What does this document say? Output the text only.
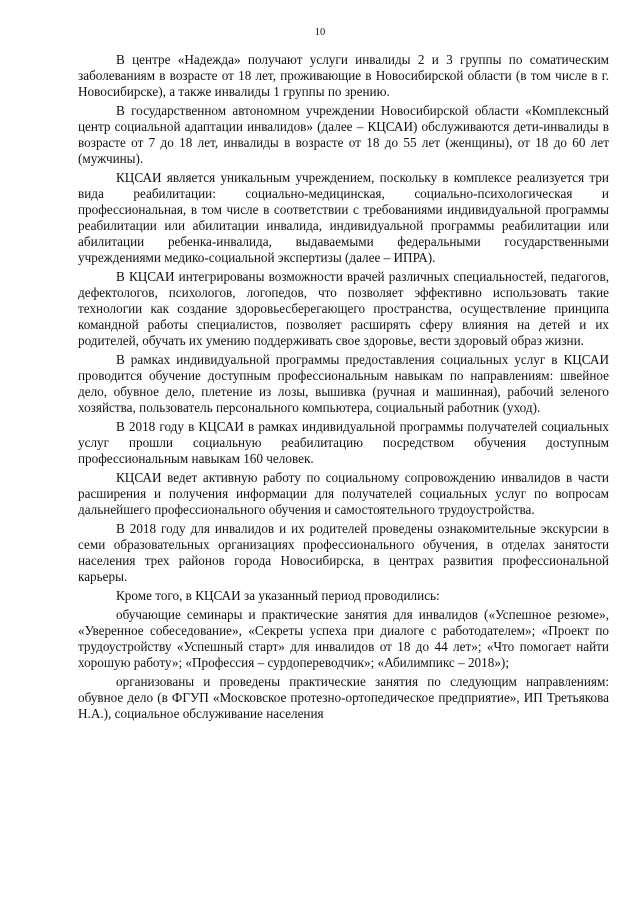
10

В центре «Надежда» получают услуги инвалиды 2 и 3 группы по соматическим заболеваниям в возрасте от 18 лет, проживающие в Новосибирской области (в том числе в г. Новосибирске), а также инвалиды 1 группы по зрению.

В государственном автономном учреждении Новосибирской области «Комплексный центр социальной адаптации инвалидов» (далее – КЦСАИ) обслуживаются дети-инвалиды в возрасте от 7 до 18 лет, инвалиды в возрасте от 18 до 55 лет (женщины), от 18 до 60 лет (мужчины).

КЦСАИ является уникальным учреждением, поскольку в комплексе реализуется три вида реабилитации: социально-медицинская, социально-психологическая и профессиональная, в том числе в соответствии с требованиями индивидуальной программы реабилитации или абилитации инвалида, индивидуальной программы реабилитации или абилитации ребенка-инвалида, выдаваемыми федеральными государственными учреждениями медико-социальной экспертизы (далее – ИПРА).

В КЦСАИ интегрированы возможности врачей различных специальностей, педагогов, дефектологов, психологов, логопедов, что позволяет эффективно использовать такие технологии как создание здоровьесберегающего пространства, осуществление принципа командной работы специалистов, позволяет расширять сферу влияния на детей и их родителей, обучать их умению поддерживать свое здоровье, вести здоровый образ жизни.

В рамках индивидуальной программы предоставления социальных услуг в КЦСАИ проводится обучение доступным профессиональным навыкам по направлениям: швейное дело, обувное дело, плетение из лозы, вышивка (ручная и машинная), рабочий зеленого хозяйства, пользователь персонального компьютера, социальный работник (уход).

В 2018 году в КЦСАИ в рамках индивидуальной программы получателей социальных услуг прошли социальную реабилитацию посредством обучения доступным профессиональным навыкам 160 человек.

КЦСАИ ведет активную работу по социальному сопровождению инвалидов в части расширения и получения информации для получателей социальных услуг по вопросам дальнейшего профессионального обучения и самостоятельного трудоустройства.

В 2018 году для инвалидов и их родителей проведены ознакомительные экскурсии в семи образовательных организациях профессионального обучения, в отделах занятости населения трех районов города Новосибирска, в центрах развития профессиональной карьеры.

Кроме того, в КЦСАИ за указанный период проводились:

обучающие семинары и практические занятия для инвалидов («Успешное резюме», «Уверенное собеседование», «Секреты успеха при диалоге с работодателем»; «Проект по трудоустройству «Успешный старт» для инвалидов от 18 до 44 лет»; «Что помогает найти хорошую работу»; «Профессия – сурдопереводчик»; «Абилимпикс – 2018»);

организованы и проведены практические занятия по следующим направлениям: обувное дело (в ФГУП «Московское протезно-ортопедическое предприятие», ИП Третьякова Н.А.), социальное обслуживание населения
